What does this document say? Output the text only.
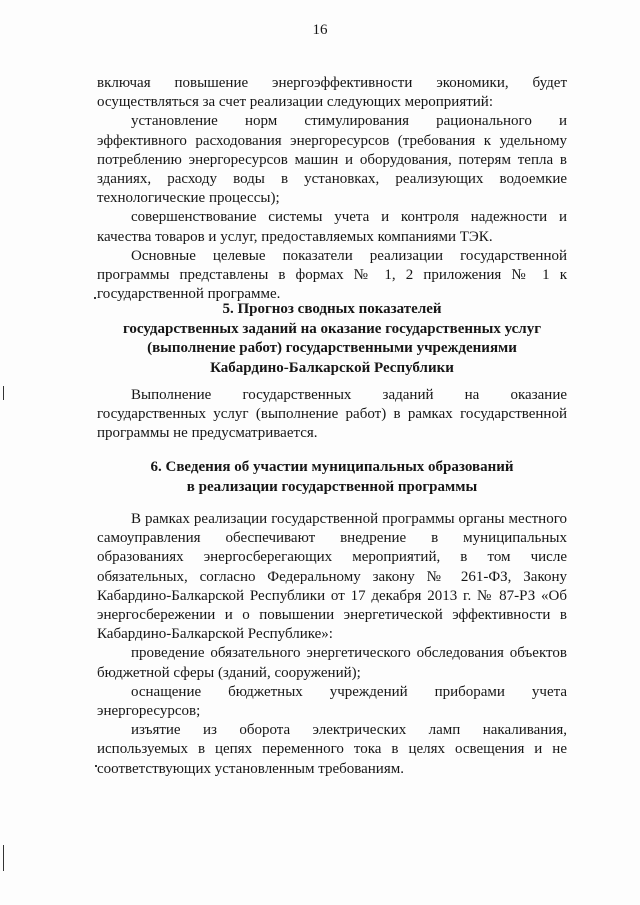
16

включая повышение энергоэффективности экономики, будет осуществляться за счет реализации следующих мероприятий:

установление норм стимулирования рационального и эффективного расходования энергоресурсов (требования к удельному потреблению энергоресурсов машин и оборудования, потерям тепла в зданиях, расходу воды в установках, реализующих водоемкие технологические процессы);

совершенствование системы учета и контроля надежности и качества товаров и услуг, предоставляемых компаниями ТЭК.

Основные целевые показатели реализации государственной программы представлены в формах № 1, 2 приложения № 1 к государственной программе.

5. Прогноз сводных показателей
государственных заданий на оказание государственных услуг
(выполнение работ) государственными учреждениями
Кабардино-Балкарской Республики

Выполнение государственных заданий на оказание государственных услуг (выполнение работ) в рамках государственной программы не предусматривается.

6. Сведения об участии муниципальных образований
в реализации государственной программы

В рамках реализации государственной программы органы местного самоуправления обеспечивают внедрение в муниципальных образованиях энергосберегающих мероприятий, в том числе обязательных, согласно Федеральному закону № 261-ФЗ, Закону Кабардино-Балкарской Республики от 17 декабря 2013 г. № 87-РЗ «Об энергосбережении и о повышении энергетической эффективности в Кабардино-Балкарской Республике»:

проведение обязательного энергетического обследования объектов бюджетной сферы (зданий, сооружений);

оснащение бюджетных учреждений приборами учета энергоресурсов;

изъятие из оборота электрических ламп накаливания, используемых в цепях переменного тока в целях освещения и не соответствующих установленным требованиям.
